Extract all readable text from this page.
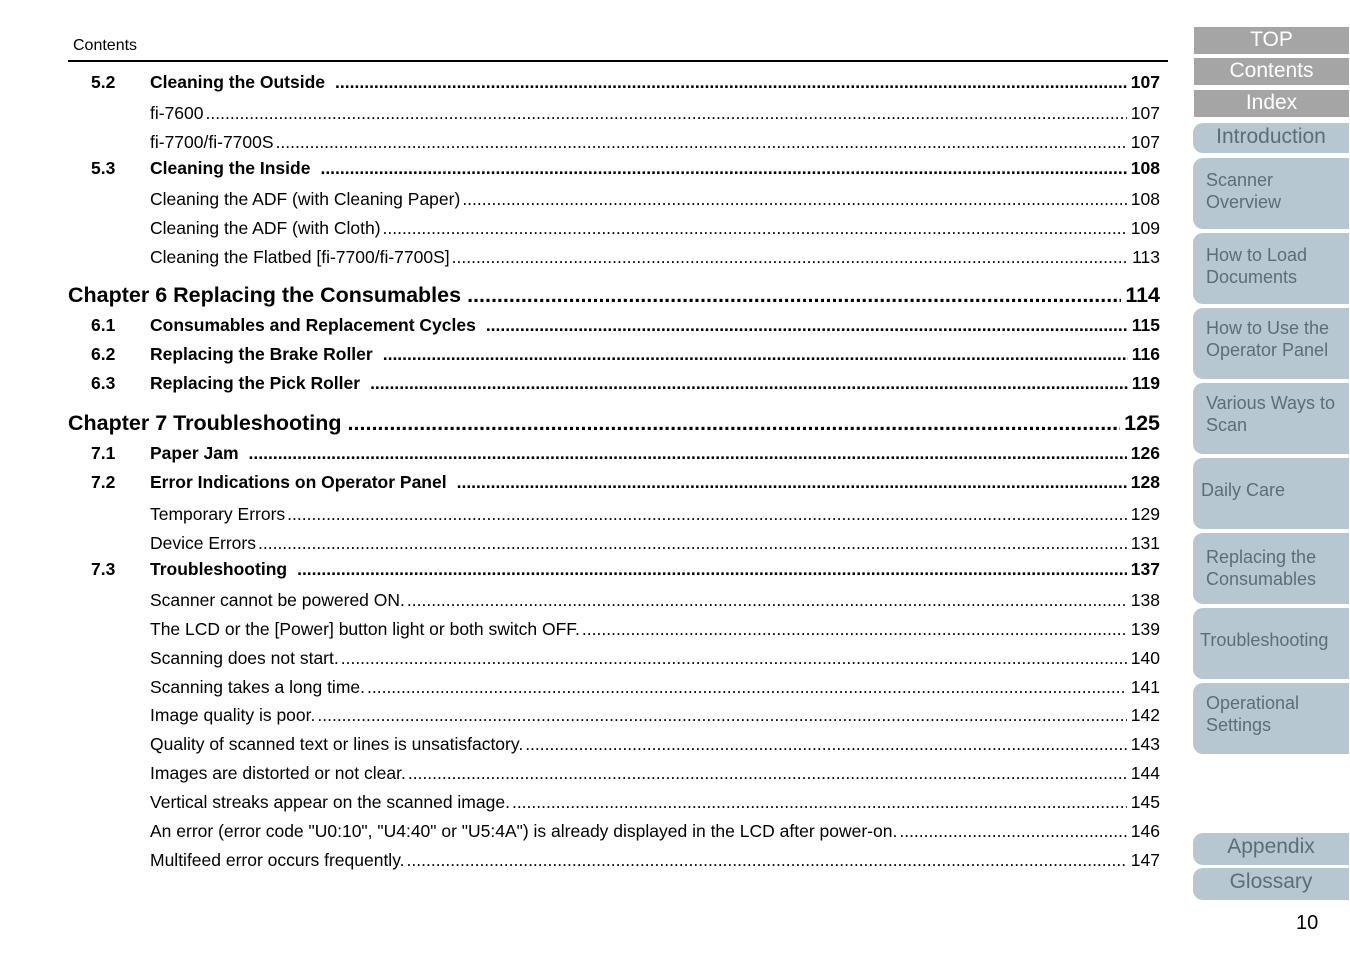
Contents
5.2 Cleaning the Outside .....	107
fi-7600 .....	107
fi-7700/fi-7700S .....	107
5.3 Cleaning the Inside .....	108
Cleaning the ADF (with Cleaning Paper) .....	108
Cleaning the ADF (with Cloth) .....	109
Cleaning the Flatbed [fi-7700/fi-7700S] .....	113
Chapter 6 Replacing the Consumables .....	114
6.1 Consumables and Replacement Cycles .....	115
6.2 Replacing the Brake Roller .....	116
6.3 Replacing the Pick Roller .....	119
Chapter 7 Troubleshooting .....	125
7.1 Paper Jam .....	126
7.2 Error Indications on Operator Panel .....	128
Temporary Errors .....	129
Device Errors .....	131
7.3 Troubleshooting .....	137
Scanner cannot be powered ON. .....	138
The LCD or the [Power] button light or both switch OFF. .....	139
Scanning does not start. .....	140
Scanning takes a long time. .....	141
Image quality is poor. .....	142
Quality of scanned text or lines is unsatisfactory. .....	143
Images are distorted or not clear. .....	144
Vertical streaks appear on the scanned image. .....	145
An error (error code "U0:10", "U4:40" or "U5:4A") is already displayed in the LCD after power-on. .....	146
Multifeed error occurs frequently. .....	147
TOP
Contents
Index
Introduction
Scanner Overview
How to Load Documents
How to Use the Operator Panel
Various Ways to Scan
Daily Care
Replacing the Consumables
Troubleshooting
Operational Settings
Appendix
Glossary
10
